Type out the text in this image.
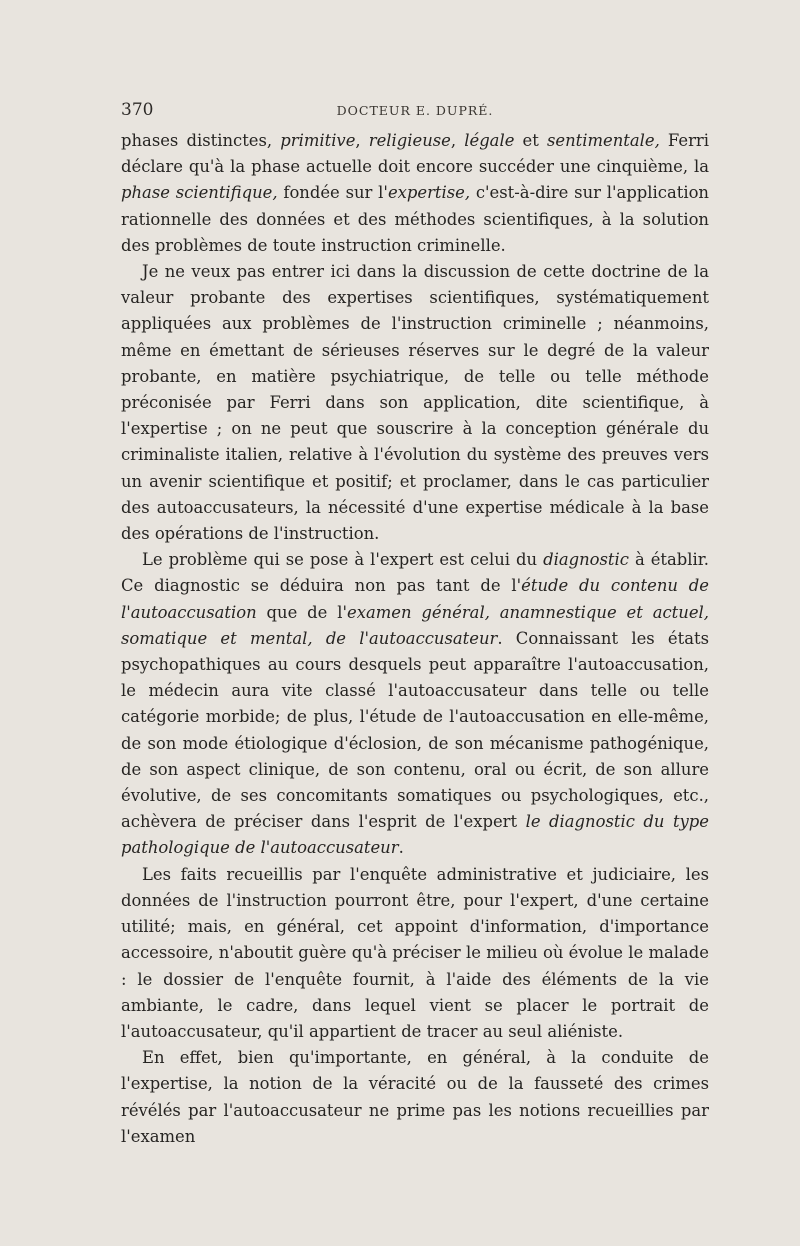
370	DOCTEUR E. DUPRÉ.

phases distinctes, primitive, religieuse, légale et sentimentale, Ferri déclare qu'à la phase actuelle doit encore succéder une cinquième, la phase scientifique, fondée sur l'expertise, c'est-à-dire sur l'application rationnelle des données et des méthodes scientifiques, à la solution des problèmes de toute instruction criminelle.

Je ne veux pas entrer ici dans la discussion de cette doctrine de la valeur probante des expertises scientifiques, systématiquement appliquées aux problèmes de l'instruction criminelle ; néanmoins, même en émettant de sérieuses réserves sur le degré de la valeur probante, en matière psychiatrique, de telle ou telle méthode préconisée par Ferri dans son application, dite scientifique, à l'expertise ; on ne peut que souscrire à la conception générale du criminaliste italien, relative à l'évolution du système des preuves vers un avenir scientifique et positif; et proclamer, dans le cas particulier des autoaccusateurs, la nécessité d'une expertise médicale à la base des opérations de l'instruction.

Le problème qui se pose à l'expert est celui du diagnostic à établir. Ce diagnostic se déduira non pas tant de l'étude du contenu de l'autoaccusation que de l'examen général, anamnestique et actuel, somatique et mental, de l'autoaccusateur. Connaissant les états psychopathiques au cours desquels peut apparaître l'autoaccusation, le médecin aura vite classé l'autoaccusateur dans telle ou telle catégorie morbide; de plus, l'étude de l'autoaccusation en elle-même, de son mode étiologique d'éclosion, de son mécanisme pathogénique, de son aspect clinique, de son contenu, oral ou écrit, de son allure évolutive, de ses concomitants somatiques ou psychologiques, etc., achèvera de préciser dans l'esprit de l'expert le diagnostic du type pathologique de l'autoaccusateur.

Les faits recueillis par l'enquête administrative et judiciaire, les données de l'instruction pourront être, pour l'expert, d'une certaine utilité; mais, en général, cet appoint d'information, d'importance accessoire, n'aboutit guère qu'à préciser le milieu où évolue le malade : le dossier de l'enquête fournit, à l'aide des éléments de la vie ambiante, le cadre, dans lequel vient se placer le portrait de l'autoaccusateur, qu'il appartient de tracer au seul aliéniste.

En effet, bien qu'importante, en général, à la conduite de l'expertise, la notion de la véracité ou de la fausseté des crimes révélés par l'autoaccusateur ne prime pas les notions recueillies par l'examen
